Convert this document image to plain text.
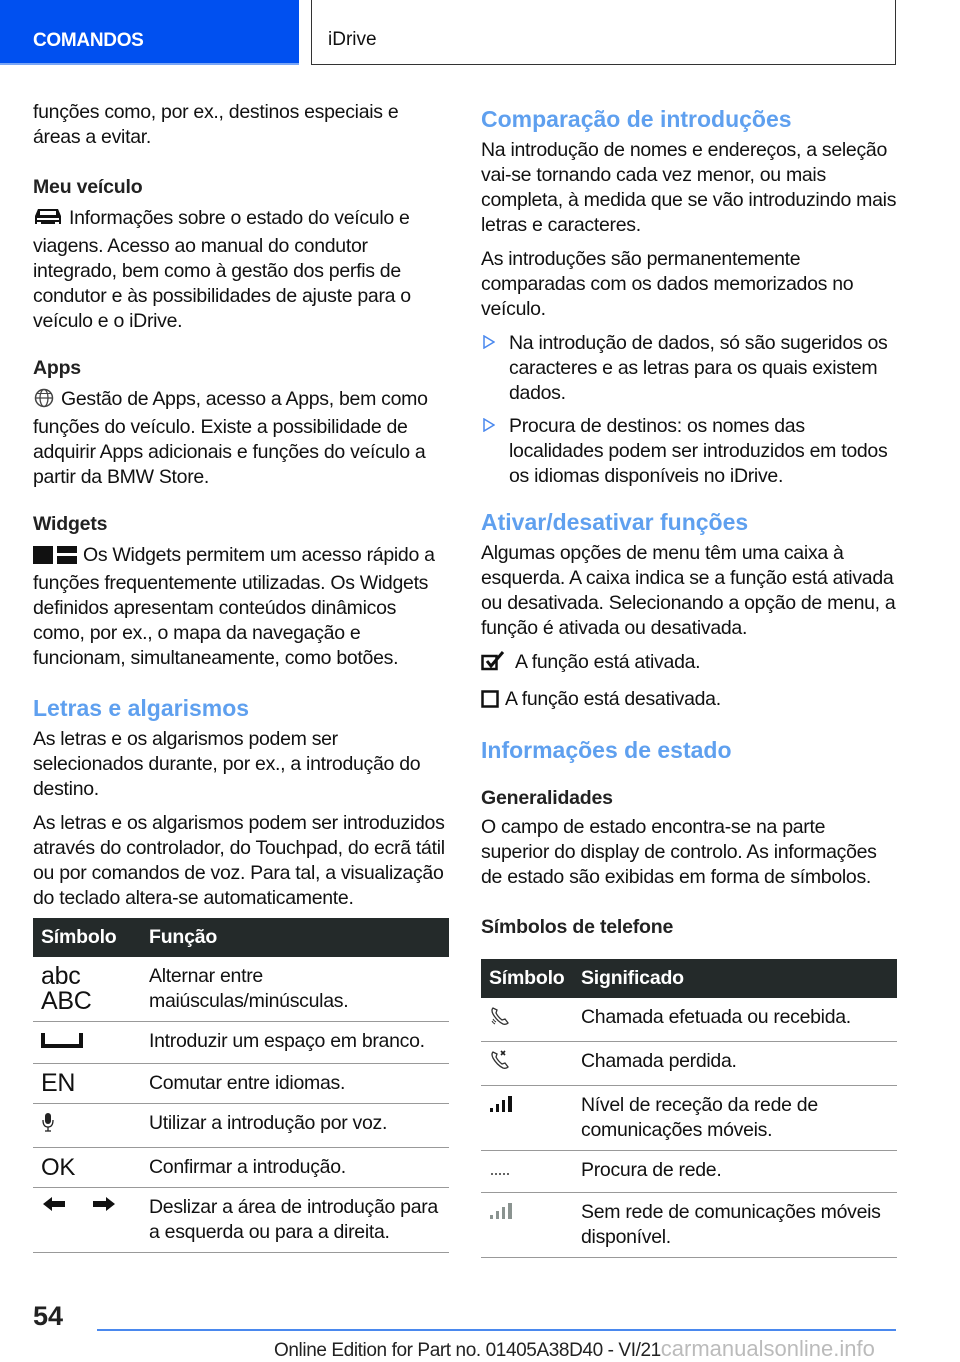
COMANDOS	iDrive

funções como, por ex., destinos especiais e áreas a evitar.

Meu veículo

Informações sobre o estado do veículo e viagens. Acesso ao manual do condutor integrado, bem como à gestão dos perfis de condutor e às possibilidades de ajuste para o veículo e o iDrive.

Apps

Gestão de Apps, acesso a Apps, bem como funções do veículo. Existe a possibilidade de adquirir Apps adicionais e funções do veículo a partir da BMW Store.

Widgets

Os Widgets permitem um acesso rápido a funções frequentemente utilizadas. Os Widgets definidos apresentam conteúdos dinâmicos como, por ex., o mapa da navegação e funcionam, simultaneamente, como botões.

Letras e algarismos

As letras e os algarismos podem ser selecionados durante, por ex., a introdução do destino.

As letras e os algarismos podem ser introduzidos através do controlador, do Touchpad, do ecrã tátil ou por comandos de voz. Para tal, a visualização do teclado altera-se automaticamente.

Símbolo	Função

abc
ABC	Alternar entre maiúsculas/minúsculas.
	Introduzir um espaço em branco.
EN	Comutar entre idiomas.
	Utilizar a introdução por voz.
OK	Confirmar a introdução.
	Deslizar a área de introdução para a esquerda ou para a direita.
Comparação de introduções

Na introdução de nomes e endereços, a seleção vai-se tornando cada vez menor, ou mais completa, à medida que se vão introduzindo mais letras e caracteres.

As introduções são permanentemente comparadas com os dados memorizados no veículo.

Na introdução de dados, só são sugeridos os caracteres e as letras para os quais existem dados.

Procura de destinos: os nomes das localidades podem ser introduzidos em todos os idiomas disponíveis no iDrive.

Ativar/desativar funções

Algumas opções de menu têm uma caixa à esquerda. A caixa indica se a função está ativada ou desativada. Selecionando a opção de menu, a função é ativada ou desativada.

A função está ativada.

A função está desativada.

Informações de estado
Generalidades

O campo de estado encontra-se na parte superior do display de controlo. As informações de estado são exibidas em forma de símbolos.

Símbolos de telefone
Símbolo	Significado
	Chamada efetuada ou recebida.
	Chamada perdida.
	Nível de receção da rede de comunicações móveis.
	Procura de rede.
	Sem rede de comunicações móveis disponível.
54
Online Edition for Part no. 01405A38D40 - VI/21carmanualsonline.info
